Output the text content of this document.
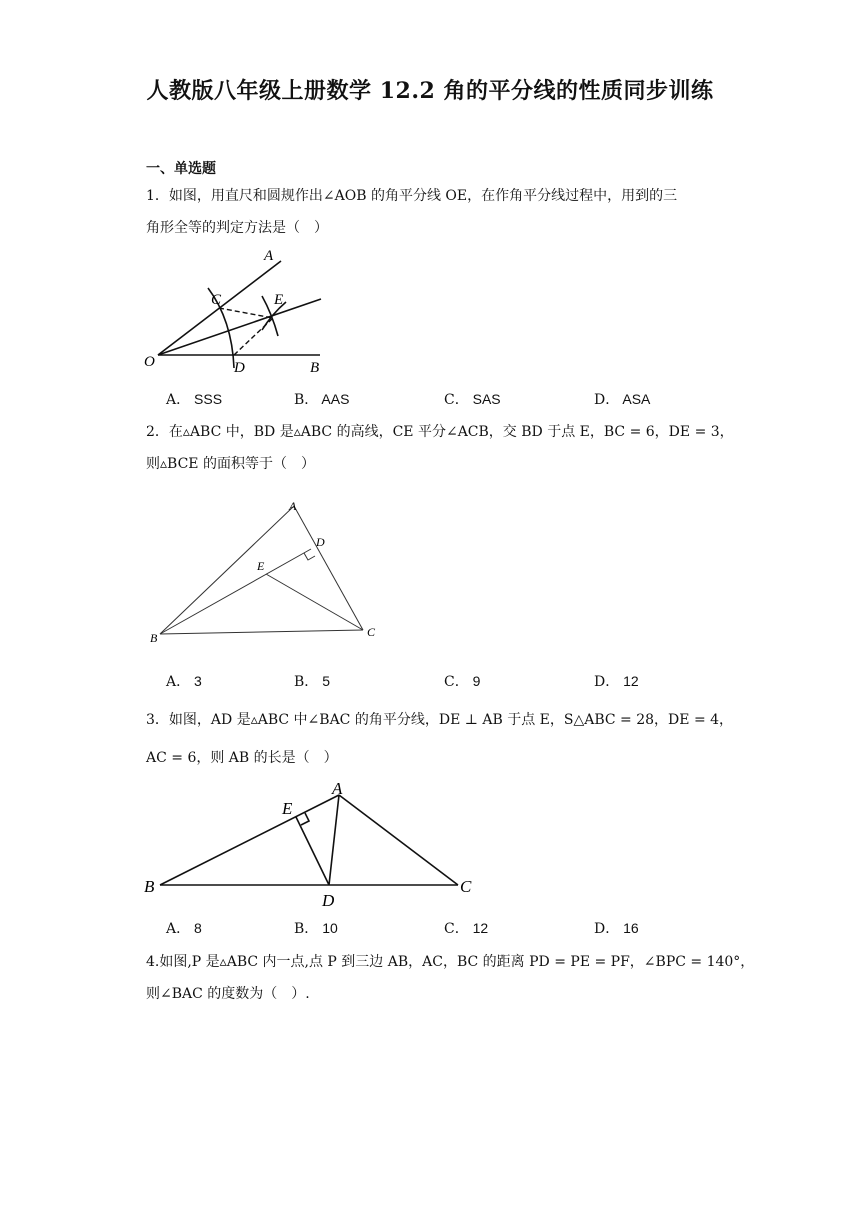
人教版八年级上册数学 12.2 角的平分线的性质同步训练
一、单选题
1．如图，用直尺和圆规作出∠AOB 的角平分线 OE，在作角平分线过程中，用到的三
角形全等的判定方法是（　）
A
C	E
O	D	B
A． SSS	B． AAS	C． SAS	D． ASA
2．在▵ABC 中，BD 是▵ABC 的高线，CE 平分∠ACB，交 BD 于点 E，BC = 6，DE = 3，
则▵BCE 的面积等于（　）
A
D
E
B	C
A． 3	B． 5	C． 9	D． 12
3．如图，AD 是▵ABC 中∠BAC 的角平分线，DE ⊥ AB 于点 E，S△ABC = 28，DE = 4，
AC = 6，则 AB 的长是（　）
E
A
B
D
C
A． 8	B． 10	C． 12	D． 16
4.如图,P 是▵ABC 内一点,点 P 到三边 AB，AC，BC 的距离 PD = PE = PF，∠BPC = 140°，
则∠BAC 的度数为（　）.
